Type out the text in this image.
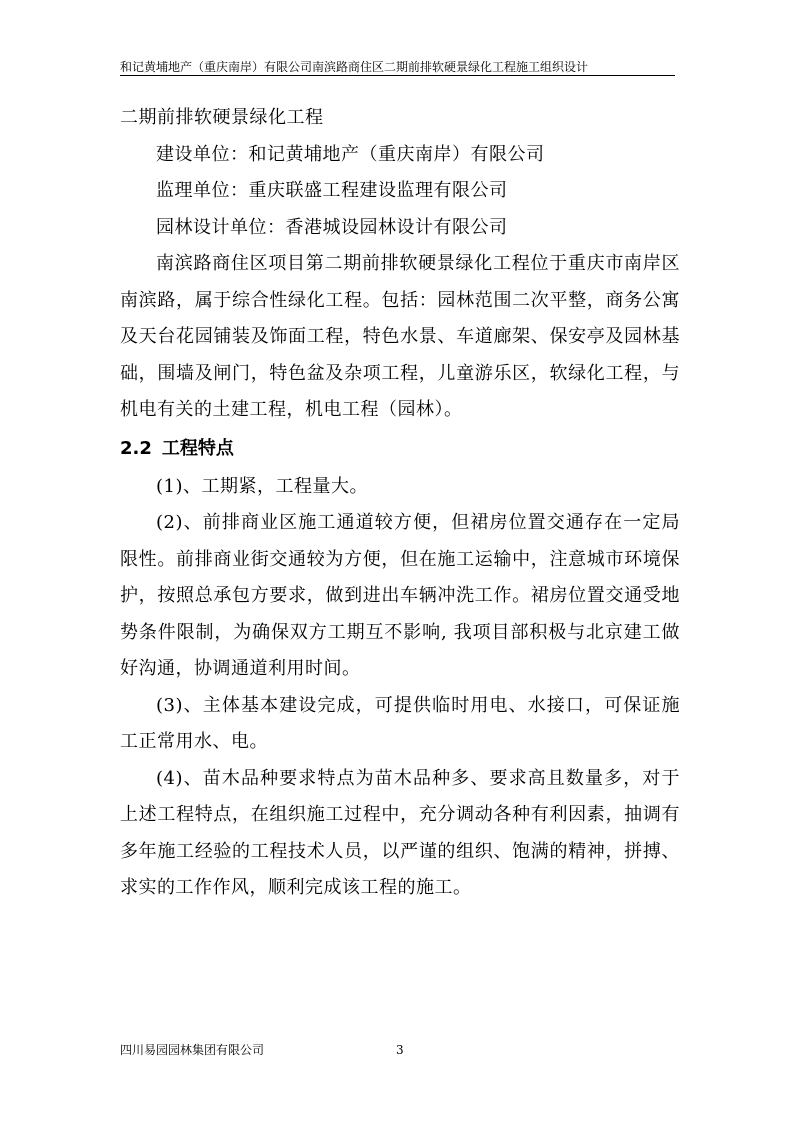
和记黄埔地产（重庆南岸）有限公司南滨路商住区二期前排软硬景绿化工程施工组织设计

二期前排软硬景绿化工程

建设单位：和记黄埔地产（重庆南岸）有限公司

监理单位：重庆联盛工程建设监理有限公司

园林设计单位：香港城设园林设计有限公司

南滨路商住区项目第二期前排软硬景绿化工程位于重庆市南岸区南滨路，属于综合性绿化工程。包括：园林范围二次平整，商务公寓及天台花园铺装及饰面工程，特色水景、车道廊架、保安亭及园林基础，围墙及闸门，特色盆及杂项工程，儿童游乐区，软绿化工程，与机电有关的土建工程，机电工程（园林）。

2.2 工程特点

(1)、工期紧，工程量大。

(2)、前排商业区施工通道较方便，但裙房位置交通存在一定局限性。前排商业街交通较为方便，但在施工运输中，注意城市环境保护，按照总承包方要求，做到进出车辆冲洗工作。裙房位置交通受地势条件限制，为确保双方工期互不影响, 我项目部积极与北京建工做好沟通，协调通道利用时间。

(3)、主体基本建设完成，可提供临时用电、水接口，可保证施工正常用水、电。

(4)、苗木品种要求特点为苗木品种多、要求高且数量多，对于上述工程特点，在组织施工过程中，充分调动各种有利因素，抽调有多年施工经验的工程技术人员，以严谨的组织、饱满的精神，拼搏、求实的工作作风，顺利完成该工程的施工。

四川易园园林集团有限公司	3
